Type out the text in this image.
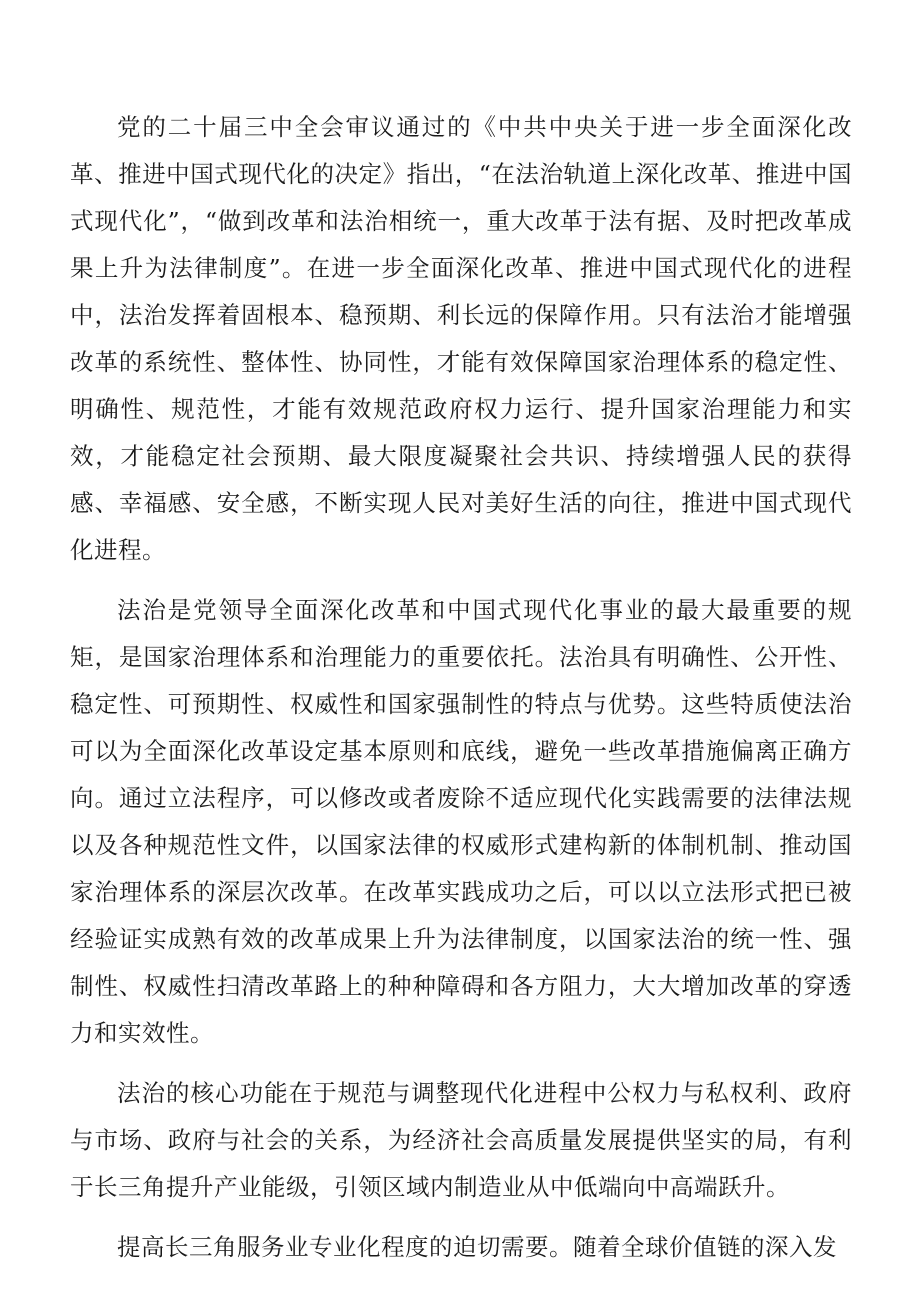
党的二十届三中全会审议通过的《中共中央关于进一步全面深化改革、推进中国式现代化的决定》指出，“在法治轨道上深化改革、推进中国式现代化”，“做到改革和法治相统一，重大改革于法有据、及时把改革成果上升为法律制度”。在进一步全面深化改革、推进中国式现代化的进程中，法治发挥着固根本、稳预期、利长远的保障作用。只有法治才能增强改革的系统性、整体性、协同性，才能有效保障国家治理体系的稳定性、明确性、规范性，才能有效规范政府权力运行、提升国家治理能力和实效，才能稳定社会预期、最大限度凝聚社会共识、持续增强人民的获得感、幸福感、安全感，不断实现人民对美好生活的向往，推进中国式现代化进程。

法治是党领导全面深化改革和中国式现代化事业的最大最重要的规矩，是国家治理体系和治理能力的重要依托。法治具有明确性、公开性、稳定性、可预期性、权威性和国家强制性的特点与优势。这些特质使法治可以为全面深化改革设定基本原则和底线，避免一些改革措施偏离正确方向。通过立法程序，可以修改或者废除不适应现代化实践需要的法律法规以及各种规范性文件，以国家法律的权威形式建构新的体制机制、推动国家治理体系的深层次改革。在改革实践成功之后，可以以立法形式把已被经验证实成熟有效的改革成果上升为法律制度，以国家法治的统一性、强制性、权威性扫清改革路上的种种障碍和各方阻力，大大增加改革的穿透力和实效性。

法治的核心功能在于规范与调整现代化进程中公权力与私权利、政府与市场、政府与社会的关系，为经济社会高质量发展提供坚实的局，有利于长三角提升产业能级，引领区域内制造业从中低端向中高端跃升。

提高长三角服务业专业化程度的迫切需要。随着全球价值链的深入发
